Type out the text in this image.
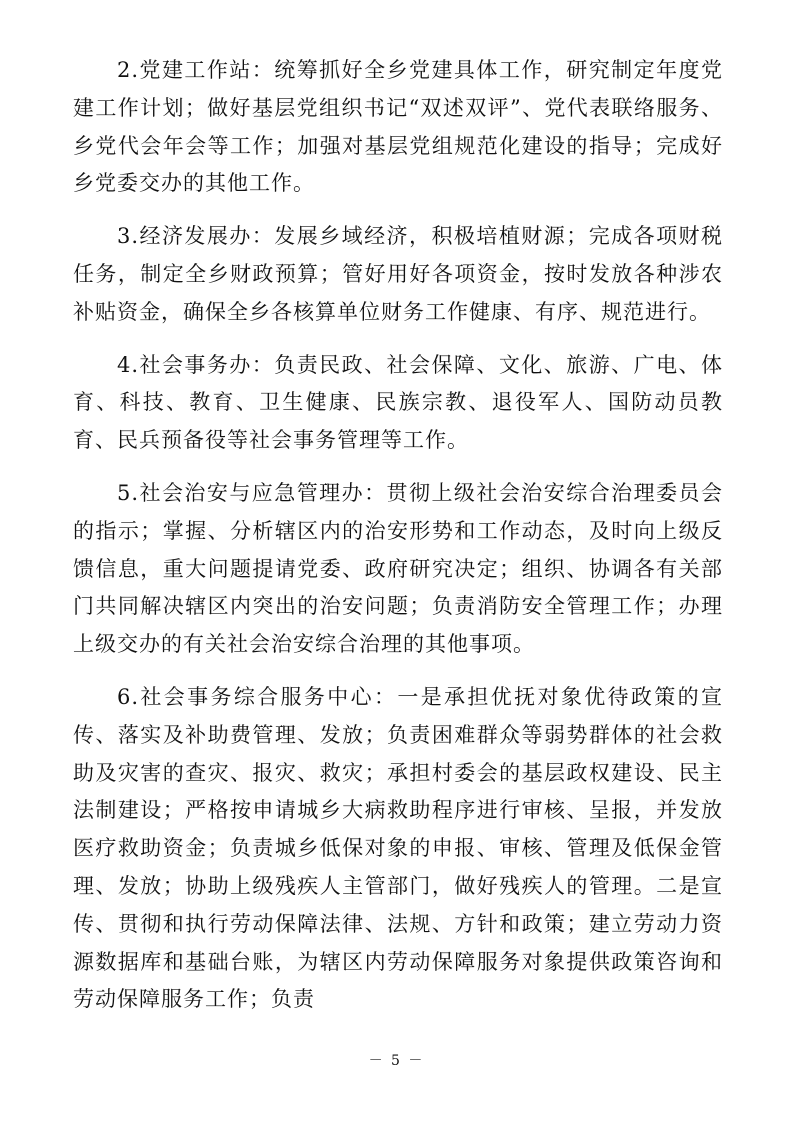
2.党建工作站：统筹抓好全乡党建具体工作，研究制定年度党建工作计划；做好基层党组织书记“双述双评”、党代表联络服务、乡党代会年会等工作；加强对基层党组规范化建设的指导；完成好乡党委交办的其他工作。

3.经济发展办：发展乡域经济，积极培植财源；完成各项财税任务，制定全乡财政预算；管好用好各项资金，按时发放各种涉农补贴资金，确保全乡各核算单位财务工作健康、有序、规范进行。

4.社会事务办：负责民政、社会保障、文化、旅游、广电、体育、科技、教育、卫生健康、民族宗教、退役军人、国防动员教育、民兵预备役等社会事务管理等工作。

5.社会治安与应急管理办：贯彻上级社会治安综合治理委员会的指示；掌握、分析辖区内的治安形势和工作动态，及时向上级反馈信息，重大问题提请党委、政府研究决定；组织、协调各有关部门共同解决辖区内突出的治安问题；负责消防安全管理工作；办理上级交办的有关社会治安综合治理的其他事项。

6.社会事务综合服务中心：一是承担优抚对象优待政策的宣传、落实及补助费管理、发放；负责困难群众等弱势群体的社会救助及灾害的查灾、报灾、救灾；承担村委会的基层政权建设、民主法制建设；严格按申请城乡大病救助程序进行审核、呈报，并发放医疗救助资金；负责城乡低保对象的申报、审核、管理及低保金管理、发放；协助上级残疾人主管部门，做好残疾人的管理。二是宣传、贯彻和执行劳动保障法律、法规、方针和政策；建立劳动力资源数据库和基础台账，为辖区内劳动保障服务对象提供政策咨询和劳动保障服务工作；负责

－ 5 －
